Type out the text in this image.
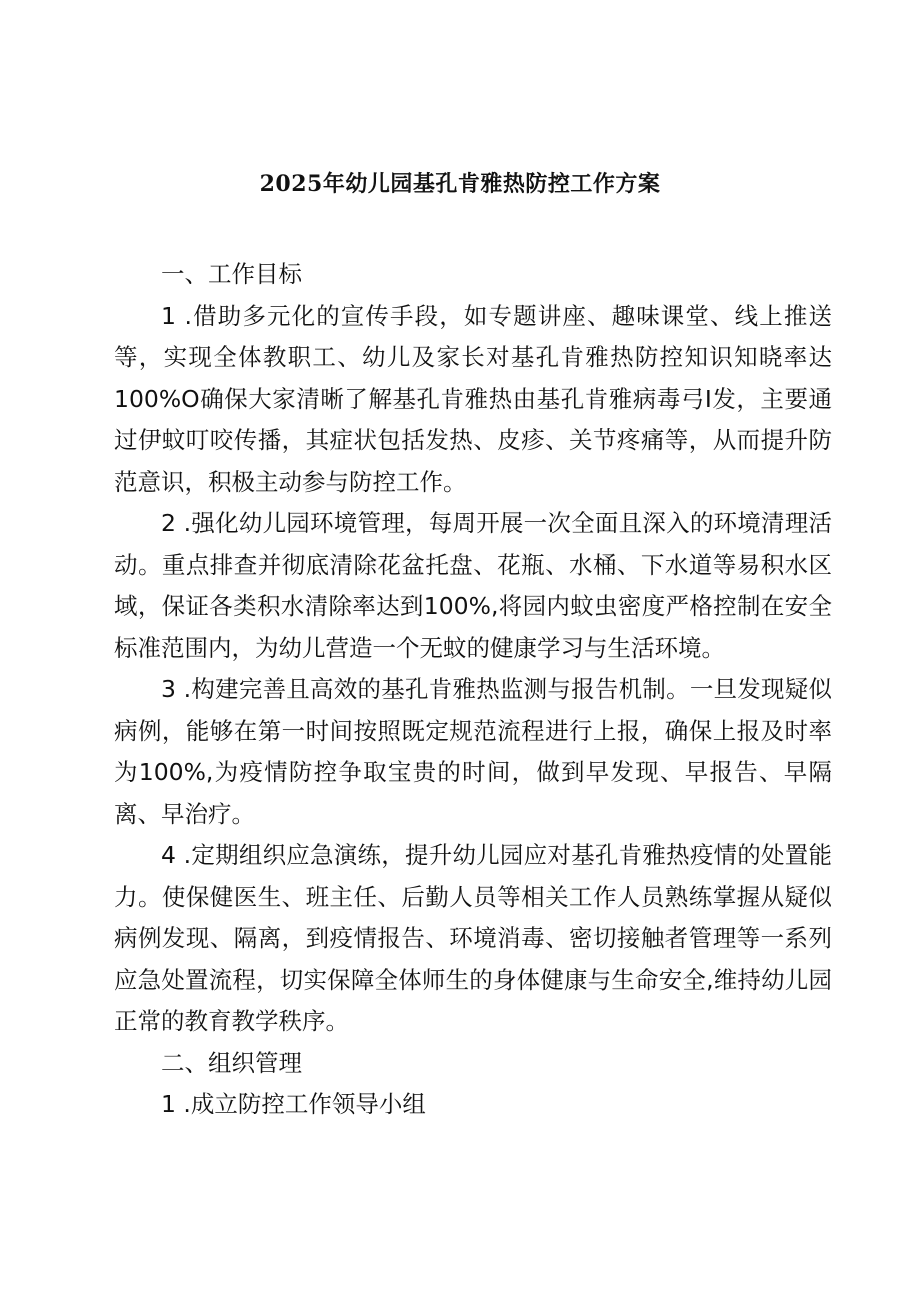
2025年幼儿园基孔肯雅热防控工作方案

一、工作目标

1 .借助多元化的宣传手段，如专题讲座、趣味课堂、线上推送等，实现全体教职工、幼儿及家长对基孔肯雅热防控知识知晓率达100%O确保大家清晰了解基孔肯雅热由基孔肯雅病毒弓I发，主要通过伊蚊叮咬传播，其症状包括发热、皮疹、关节疼痛等，从而提升防范意识，积极主动参与防控工作。

2 .强化幼儿园环境管理，每周开展一次全面且深入的环境清理活动。重点排查并彻底清除花盆托盘、花瓶、水桶、下水道等易积水区域，保证各类积水清除率达到100%,将园内蚊虫密度严格控制在安全标准范围内，为幼儿营造一个无蚊的健康学习与生活环境。

3 .构建完善且高效的基孔肯雅热监测与报告机制。一旦发现疑似病例，能够在第一时间按照既定规范流程进行上报，确保上报及时率为100%,为疫情防控争取宝贵的时间，做到早发现、早报告、早隔离、早治疗。

4 .定期组织应急演练，提升幼儿园应对基孔肯雅热疫情的处置能力。使保健医生、班主任、后勤人员等相关工作人员熟练掌握从疑似病例发现、隔离，到疫情报告、环境消毒、密切接触者管理等一系列应急处置流程，切实保障全体师生的身体健康与生命安全,维持幼儿园正常的教育教学秩序。

二、组织管理

1 .成立防控工作领导小组
